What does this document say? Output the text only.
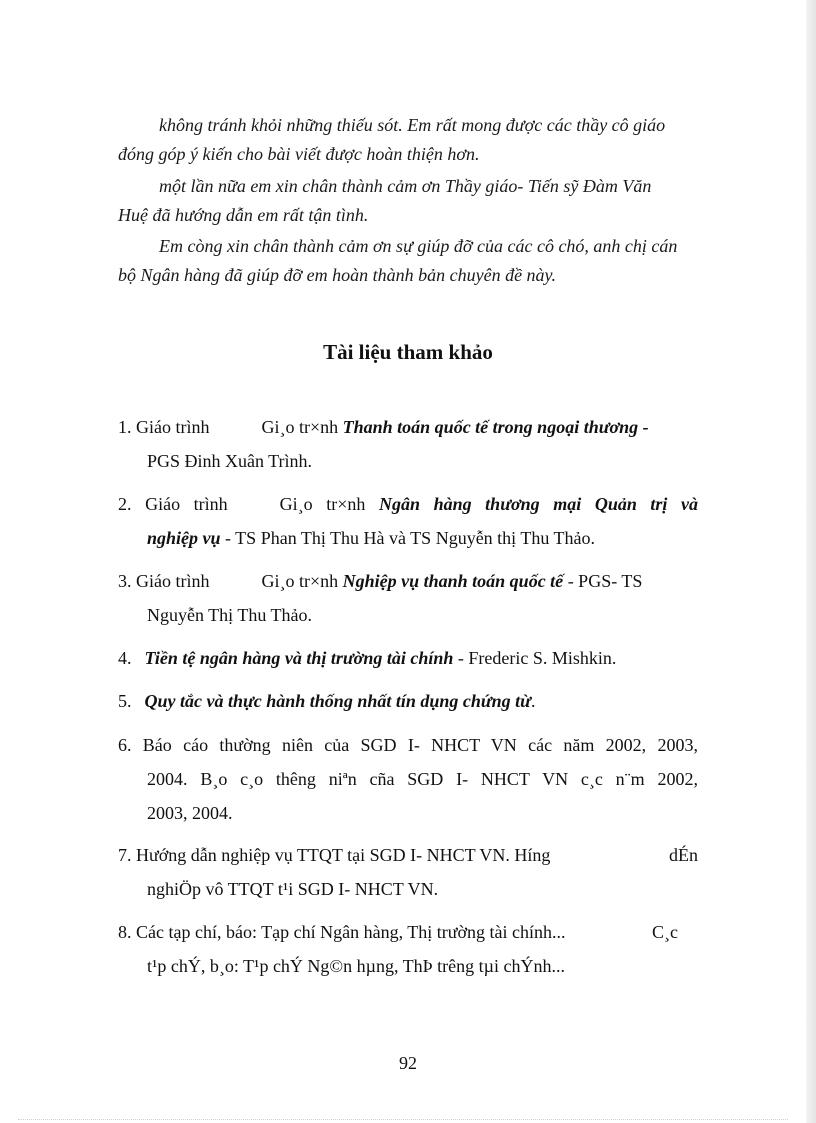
không tránh khỏi những thiếu sót. Em rất mong được các thầy cô giáo
đóng góp ý kiến cho bài viết được hoàn thiện hơn.
một lần nữa em xin chân thành cảm ơn Thầy giáo- Tiến sỹ Đàm Văn
Huệ đã hướng dẫn em rất tận tình.
Em còng xin chân thành cảm ơn sự giúp đỡ của các cô chó, anh chị cán
bộ Ngân hàng đã giúp đỡ em hoàn thành bản chuyên đề này.
Tài liệu tham khảo
1. Giáo trình	Gi¸o tr×nh Thanh toán quốc tế trong ngoại thương -
PGS Đinh Xuân Trình.
2. Giáo trình	Gi¸o tr×nh Ngân hàng thương mại Quản trị và
nghiệp vụ - TS Phan Thị Thu Hà và TS Nguyễn thị Thu Thảo.
3. Giáo trình	Gi¸o tr×nh Nghiệp vụ thanh toán quốc tế - PGS- TS
Nguyễn Thị Thu Thảo.
4. Tiền tệ ngân hàng và thị trường tài chính - Frederic S. Mishkin.
5. Quy tắc và thực hành thống nhất tín dụng chứng từ.
6. Báo cáo thường niên của SGD I- NHCT VN các năm 2002, 2003,
2004. B¸o c¸o thêng niªn cña SGD I- NHCT VN c¸c n¨m 2002,
2003, 2004.
7. Hướng dẫn nghiệp vụ TTQT tại SGD I- NHCT VN. Híng	dÉn
nghiÖp vô TTQT t¹i SGD I- NHCT VN.
8. Các tạp chí, báo: Tạp chí Ngân hàng, Thị trường tài chính...	C¸c
t¹p chÝ, b¸o: T¹p chÝ Ng©n hµng, ThÞ trêng tµi chÝnh...
92
